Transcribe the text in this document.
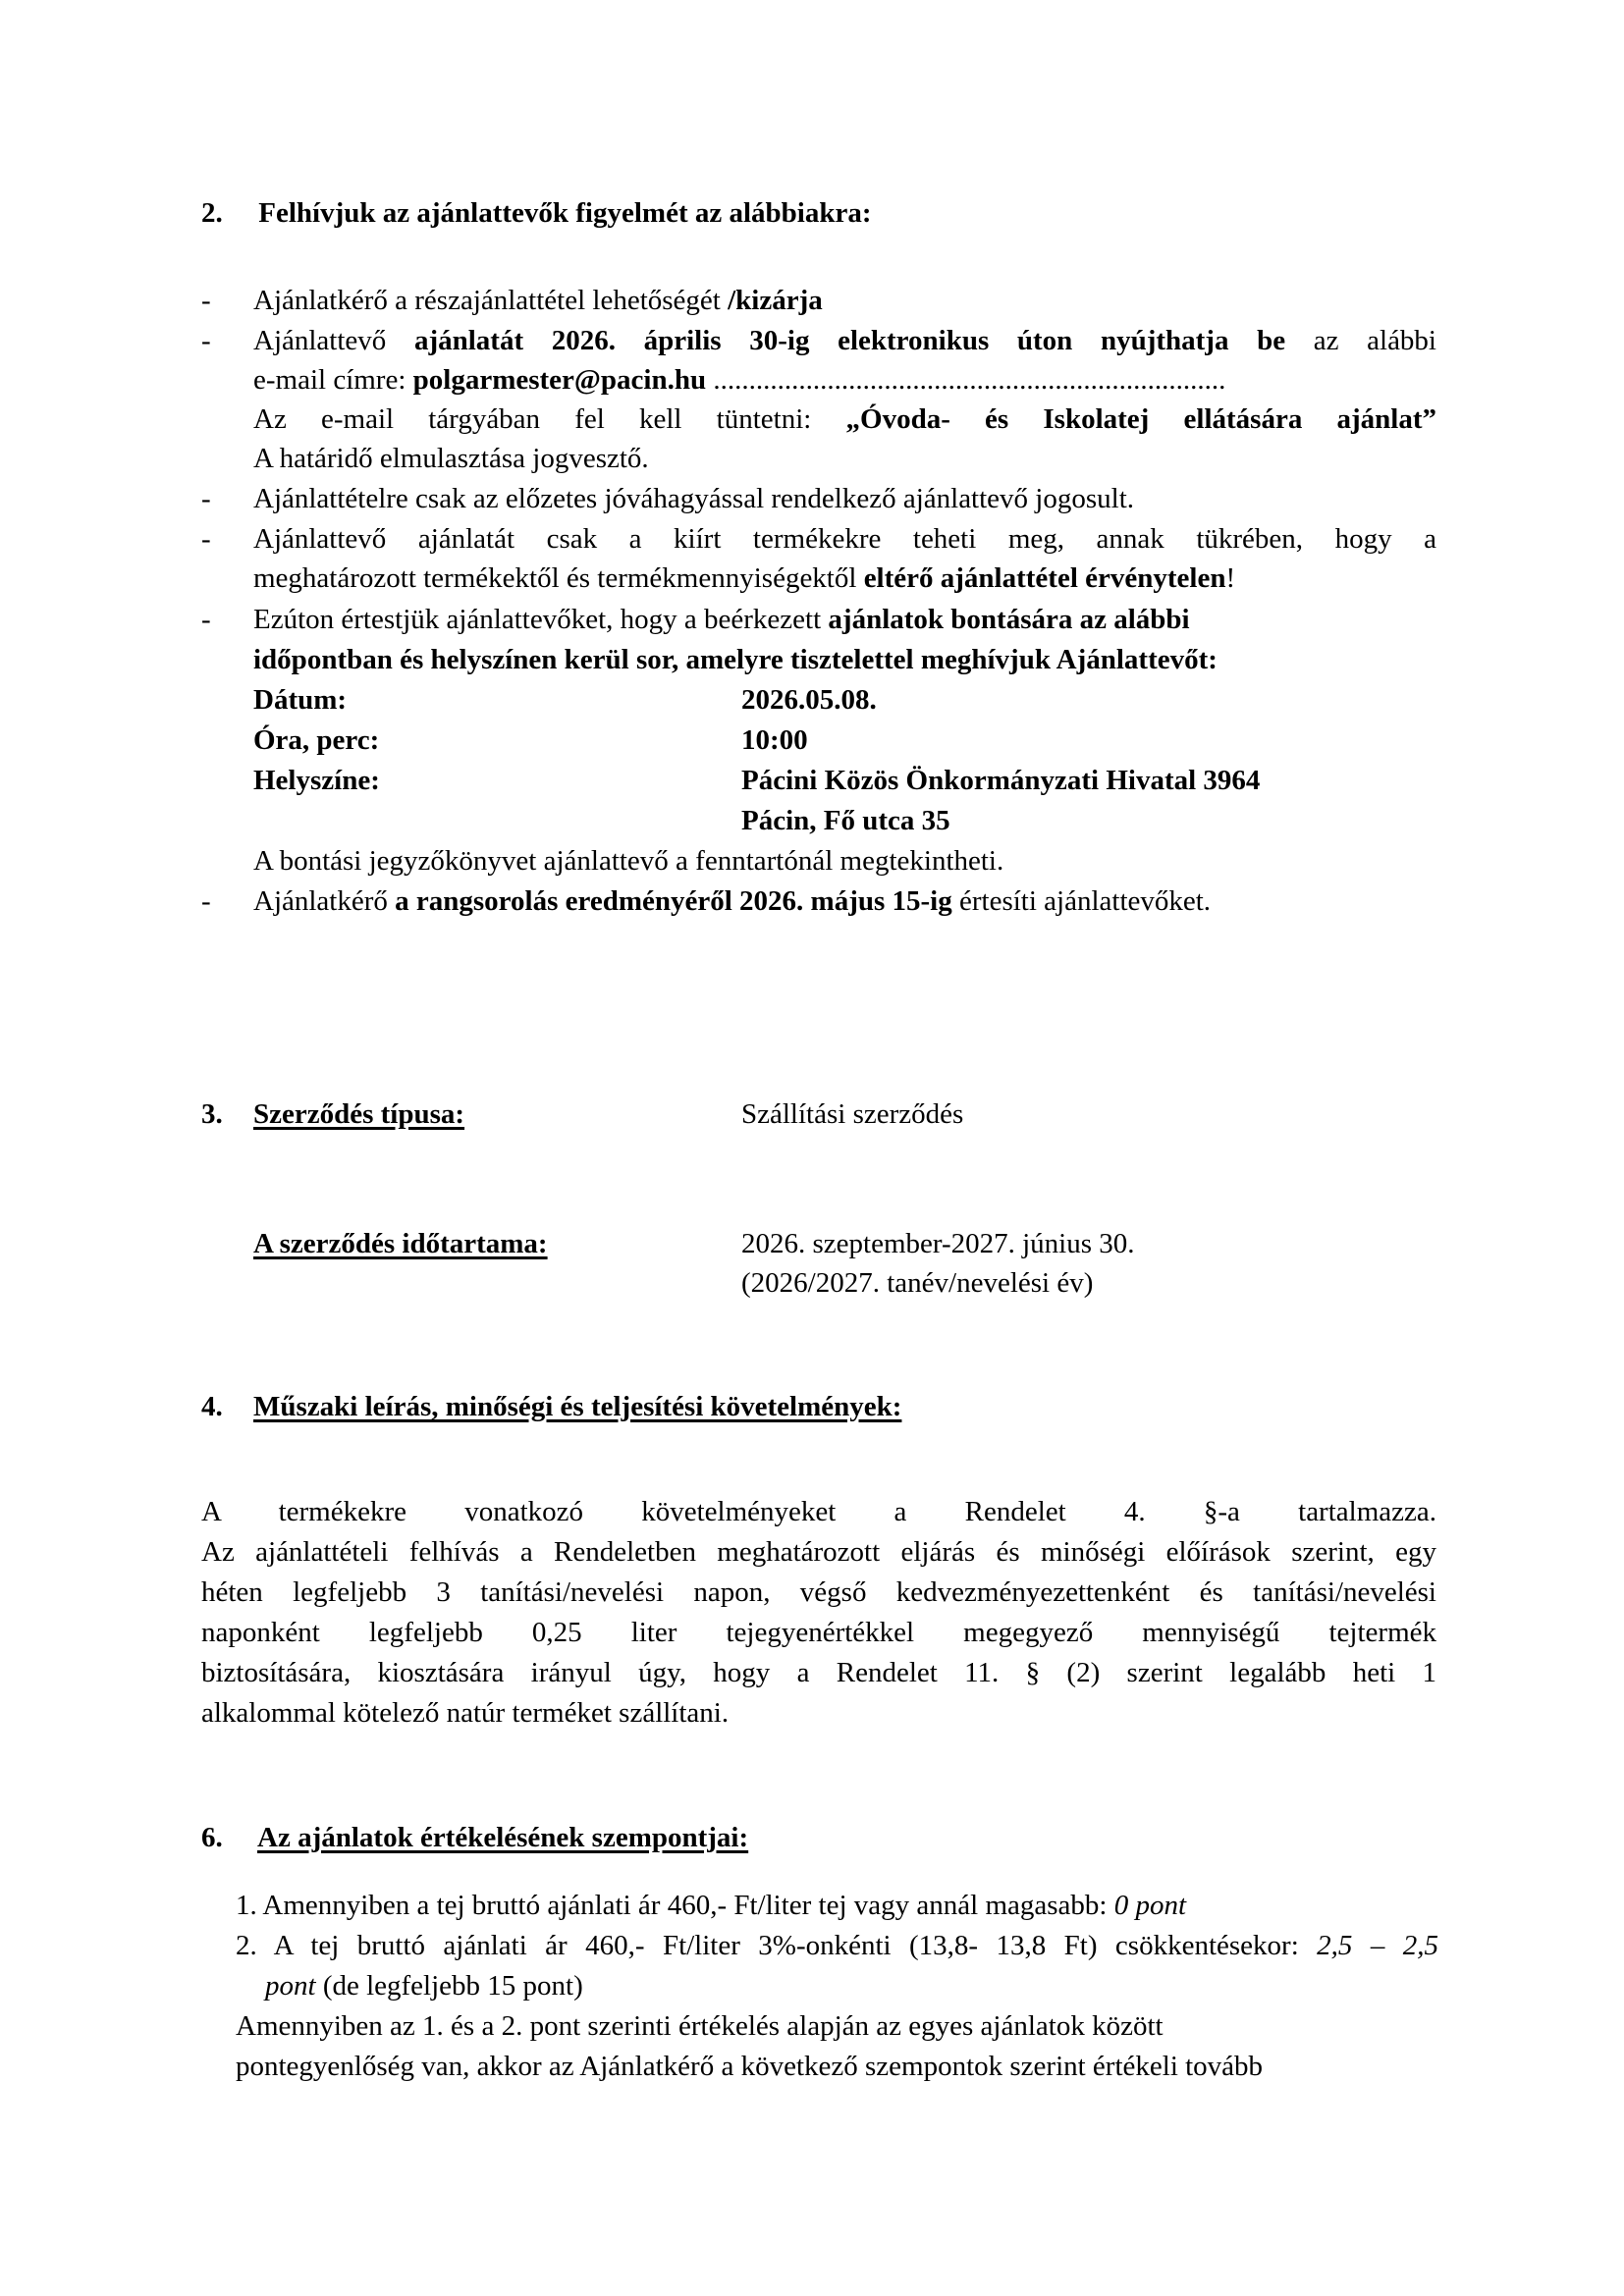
2. Felhívjuk az ajánlattevők figyelmét az alábbiakra:
- Ajánlatkérő a részajánlattétel lehetőségét /kizárja
- Ajánlattevő ajánlatát 2026. április 30-ig elektronikus úton nyújthatja be az alábbi
e-mail címre: polgarmester@pacin.hu ........................................................................
Az e-mail tárgyában fel kell tüntetni: „Óvoda- és Iskolatej ellátására ajánlat”
A határidő elmulasztása jogvesztő.
- Ajánlattételre csak az előzetes jóváhagyással rendelkező ajánlattevő jogosult.
- Ajánlattevő ajánlatát csak a kiírt termékekre teheti meg, annak tükrében, hogy a
meghatározott termékektől és termékmennyiségektől eltérő ajánlattétel érvénytelen!
- Ezúton értestjük ajánlattevőket, hogy a beérkezett ajánlatok bontására az alábbi
időpontban és helyszínen kerül sor, amelyre tisztelettel meghívjuk Ajánlattevőt:
Dátum:	2026.05.08.
Óra, perc:	10:00
Helyszíne:	Pácini Közös Önkormányzati Hivatal 3964
Pácin, Fő utca 35
A bontási jegyzőkönyvet ajánlattevő a fenntartónál megtekintheti.
- Ajánlatkérő a rangsorolás eredményéről 2026. május 15-ig értesíti ajánlattevőket.
3. Szerződés típusa:	Szállítási szerződés
A szerződés időtartama:	2026. szeptember-2027. június 30.
(2026/2027. tanév/nevelési év)
4. Műszaki leírás, minőségi és teljesítési követelmények:
A termékekre vonatkozó követelményeket a Rendelet 4. §-a tartalmazza.
Az ajánlattételi felhívás a Rendeletben meghatározott eljárás és minőségi előírások szerint, egy
héten legfeljebb 3 tanítási/nevelési napon, végső kedvezményezettenként és tanítási/nevelési
naponként legfeljebb 0,25 liter tejegyenértékkel megegyező mennyiségű tejtermék
biztosítására, kiosztására irányul úgy, hogy a Rendelet 11. § (2) szerint legalább heti 1
alkalommal kötelező natúr terméket szállítani.
6. Az ajánlatok értékelésének szempontjai:
1. Amennyiben a tej bruttó ajánlati ár 460,- Ft/liter tej vagy annál magasabb: 0 pont
2. A tej bruttó ajánlati ár 460,- Ft/liter 3%-onkénti (13,8- 13,8 Ft) csökkentésekor: 2,5 – 2,5
pont (de legfeljebb 15 pont)
Amennyiben az 1. és a 2. pont szerinti értékelés alapján az egyes ajánlatok között
pontegyenlőség van, akkor az Ajánlatkérő a következő szempontok szerint értékeli tovább
